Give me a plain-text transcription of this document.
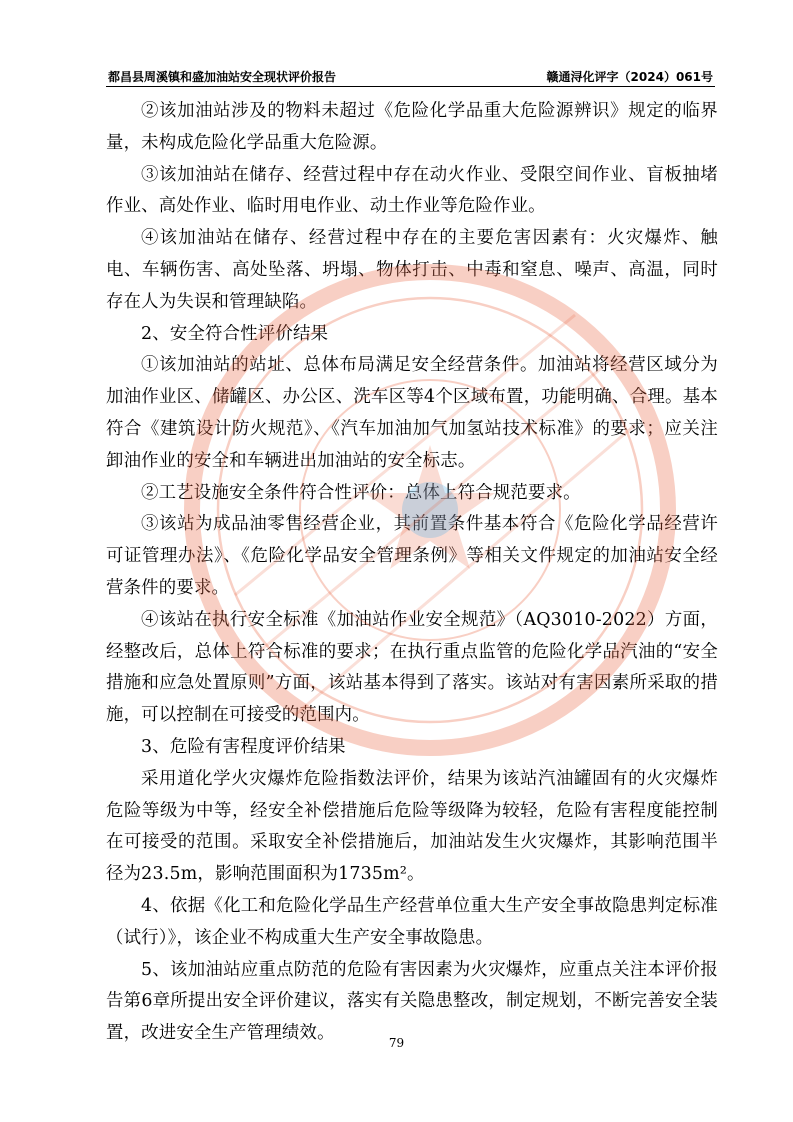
都昌县周溪镇和盛加油站安全现状评价报告	赣通浔化评字（2024）061号

②该加油站涉及的物料未超过《危险化学品重大危险源辨识》规定的临界量，未构成危险化学品重大危险源。

③该加油站在储存、经营过程中存在动火作业、受限空间作业、盲板抽堵作业、高处作业、临时用电作业、动土作业等危险作业。

④该加油站在储存、经营过程中存在的主要危害因素有：火灾爆炸、触电、车辆伤害、高处坠落、坍塌、物体打击、中毒和窒息、噪声、高温，同时存在人为失误和管理缺陷。

2、安全符合性评价结果

①该加油站的站址、总体布局满足安全经营条件。加油站将经营区域分为加油作业区、储罐区、办公区、洗车区等4个区域布置，功能明确、合理。基本符合《建筑设计防火规范》、《汽车加油加气加氢站技术标准》的要求；应关注卸油作业的安全和车辆进出加油站的安全标志。

②工艺设施安全条件符合性评价：总体上符合规范要求。

③该站为成品油零售经营企业，其前置条件基本符合《危险化学品经营许可证管理办法》、《危险化学品安全管理条例》等相关文件规定的加油站安全经营条件的要求。

④该站在执行安全标准《加油站作业安全规范》（AQ3010-2022）方面，经整改后，总体上符合标准的要求；在执行重点监管的危险化学品汽油的“安全措施和应急处置原则”方面，该站基本得到了落实。该站对有害因素所采取的措施，可以控制在可接受的范围内。

3、危险有害程度评价结果

采用道化学火灾爆炸危险指数法评价，结果为该站汽油罐固有的火灾爆炸危险等级为中等，经安全补偿措施后危险等级降为较轻，危险有害程度能控制在可接受的范围。采取安全补偿措施后，加油站发生火灾爆炸，其影响范围半径为23.5m，影响范围面积为1735m²。

4、依据《化工和危险化学品生产经营单位重大生产安全事故隐患判定标准（试行）》，该企业不构成重大生产安全事故隐患。

5、该加油站应重点防范的危险有害因素为火灾爆炸，应重点关注本评价报告第6章所提出安全评价建议，落实有关隐患整改，制定规划，不断完善安全装置，改进安全生产管理绩效。	79
